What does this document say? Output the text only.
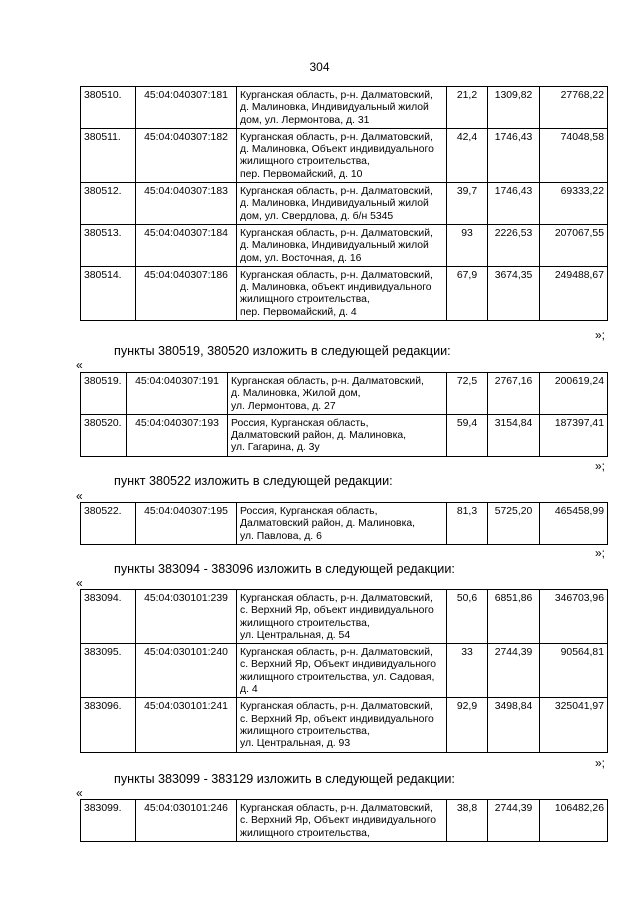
304
380510.	45:04:040307:181	Курганская область, р-н. Далматовский,
д. Малиновка, Индивидуальный жилой
дом, ул. Лермонтова, д. 31	21,2	1309,82	27768,22
380511.	45:04:040307:182	Курганская область, р-н. Далматовский,
д. Малиновка, Объект индивидуального
жилищного строительства,
пер. Первомайский, д. 10	42,4	1746,43	74048,58
380512.	45:04:040307:183	Курганская область, р-н. Далматовский,
д. Малиновка, Индивидуальный жилой
дом, ул. Свердлова, д. б/н 5345	39,7	1746,43	69333,22
380513.	45:04:040307:184	Курганская область, р-н. Далматовский,
д. Малиновка, Индивидуальный жилой
дом, ул. Восточная, д. 16	93	2226,53	207067,55
380514.	45:04:040307:186	Курганская область, р-н. Далматовский,
д. Малиновка, объект индивидуального
жилищного строительства,
пер. Первомайский, д. 4	67,9	3674,35	249488,67
»;
пункты 380519, 380520 изложить в следующей редакции:
«
380519.	45:04:040307:191	Курганская область, р-н. Далматовский,
д. Малиновка, Жилой дом,
ул. Лермонтова, д. 27	72,5	2767,16	200619,24
380520.	45:04:040307:193	Россия, Курганская область,
Далматовский район, д. Малиновка,
ул. Гагарина, д. 3у	59,4	3154,84	187397,41
»;
пункт 380522 изложить в следующей редакции:
«
380522.	45:04:040307:195	Россия, Курганская область,
Далматовский район, д. Малиновка,
ул. Павлова, д. 6
	81,3	5725,20	465458,99
»;
пункты 383094 - 383096 изложить в следующей редакции:
«
383094.	45:04:030101:239	Курганская область, р-н. Далматовский,
с. Верхний Яр, объект индивидуального
жилищного строительства,
ул. Центральная, д. 54	50,6	6851,86	346703,96
383095.	45:04:030101:240	Курганская область, р-н. Далматовский,
с. Верхний Яр, Объект индивидуального
жилищного строительства, ул. Садовая,
д. 4	33	2744,39	90564,81
383096.	45:04:030101:241	Курганская область, р-н. Далматовский,
с. Верхний Яр, объект индивидуального
жилищного строительства,
ул. Центральная, д. 93	92,9	3498,84	325041,97
»;
пункты 383099 - 383129 изложить в следующей редакции:
«
383099.	45:04:030101:246	Курганская область, р-н. Далматовский,
с. Верхний Яр, Объект индивидуального
жилищного строительства,
	38,8	2744,39	106482,26
